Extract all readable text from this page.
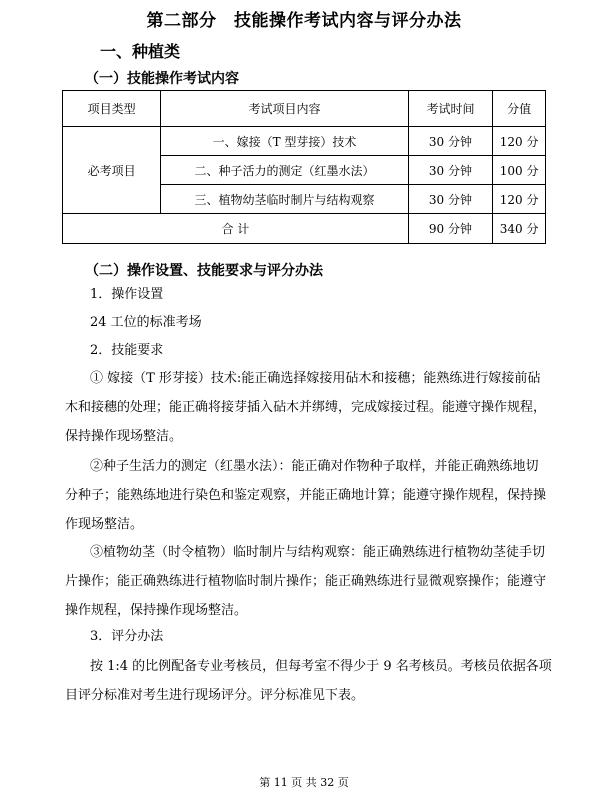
第二部分　技能操作考试内容与评分办法
一、种植类
（一）技能操作考试内容
项目类型	考试项目内容	考试时间	分值
必考项目	一、嫁接（T 型芽接）技术	30 分钟	120 分
	二、种子活力的测定（红墨水法）	30 分钟	100 分
	三、植物幼茎临时制片与结构观察	30 分钟	120 分
合 计		90 分钟	340 分
（二）操作设置、技能要求与评分办法
1．操作设置
24 工位的标准考场
2．技能要求
① 嫁接（T 形芽接）技术:能正确选择嫁接用砧木和接穗；能熟练进行嫁接前砧
木和接穗的处理；能正确将接芽插入砧木并绑缚，完成嫁接过程。能遵守操作规程，保持操作现场整洁。
②种子生活力的测定（红墨水法）：能正确对作物种子取样，并能正确熟练地切
分种子；能熟练地进行染色和鉴定观察，并能正确地计算；能遵守操作规程，保持操作现场整洁。
③植物幼茎（时令植物）临时制片与结构观察：能正确熟练进行植物幼茎徒手切
片操作；能正确熟练进行植物临时制片操作；能正确熟练进行显微观察操作；能遵守操作规程，保持操作现场整洁。
3．评分办法
按 1:4 的比例配备专业考核员，但每考室不得少于 9 名考核员。考核员依据各项
目评分标准对考生进行现场评分。评分标准见下表。
第 11 页 共 32 页
